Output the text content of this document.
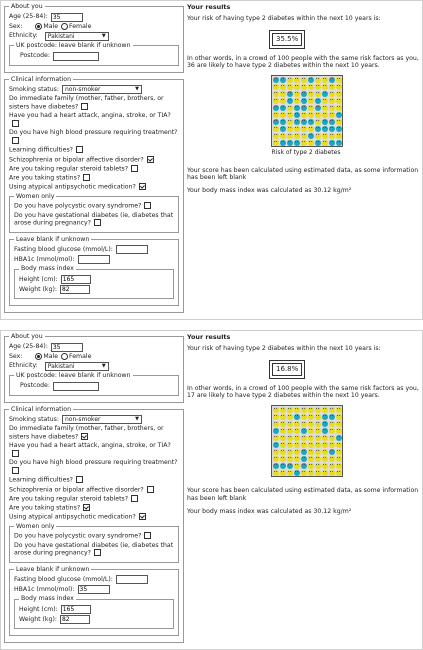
About you
Age (25-84):
35
Sex:	Male Female
Ethnicity:	Pakistani	▼
UK postcode: leave blank if unknown
Postcode:
Clinical information
Smoking status:	non-smoker	▼
Do immediate family (mother, father, brothers, or sisters have diabetes?
Have you had a heart attack, angina, stroke, or TIA?
Do you have high blood pressure requiring treatment?
Learning difficulties?
Schizophrenia or bipolar affective disorder?
Are you taking regular steroid tablets?
Are you taking statins?
Using atypical antipsychotic medication?
Women only
Do you have polycystic ovary syndrome?
Do you have gestational diabetes (ie, diabetes that arose during pregnancy?
Leave blank if unknown
Fasting blood glucose (mmol/L):
HBA1c (mmol/mol):
Body mass index
Height (cm):
165
Weight (kg):
82
Your results
Your risk of having type 2 diabetes within the next 10 years is:
35.5%
In other words, in a crowd of 100 people with the same risk factors as you, 36 are likely to have type 2 diabetes within the next 10 years.
Risk of type 2 diabetes
Your score has been calculated using estimated data, as some information has been left blank
Your body mass index was calculated as 30.12 kg/m²
About you
Age (25-84):
35
Sex:	Male Female
Ethnicity:	Pakistani	▼
UK postcode: leave blank if unknown
Postcode:
Clinical information
Smoking status:	non-smoker	▼
Do immediate family (mother, father, brothers, or sisters have diabetes?
Have you had a heart attack, angina, stroke, or TIA?
Do you have high blood pressure requiring treatment?
Learning difficulties?
Schizophrenia or bipolar affective disorder?
Are you taking regular steroid tablets?
Are you taking statins?
Using atypical antipsychotic medication?
Women only
Do you have polycystic ovary syndrome?
Do you have gestational diabetes (ie, diabetes that arose during pregnancy?
Leave blank if unknown
Fasting blood glucose (mmol/L):
HBA1c (mmol/mol):
35
Body mass index
Height (cm):
165
Weight (kg):
82
Your results
Your risk of having type 2 diabetes within the next 10 years is:
16.8%
In other words, in a crowd of 100 people with the same risk factors as you, 17 are likely to have type 2 diabetes within the next 10 years.
Your score has been calculated using estimated data, as some information has been left blank
Your body mass index was calculated as 30.12 kg/m²
